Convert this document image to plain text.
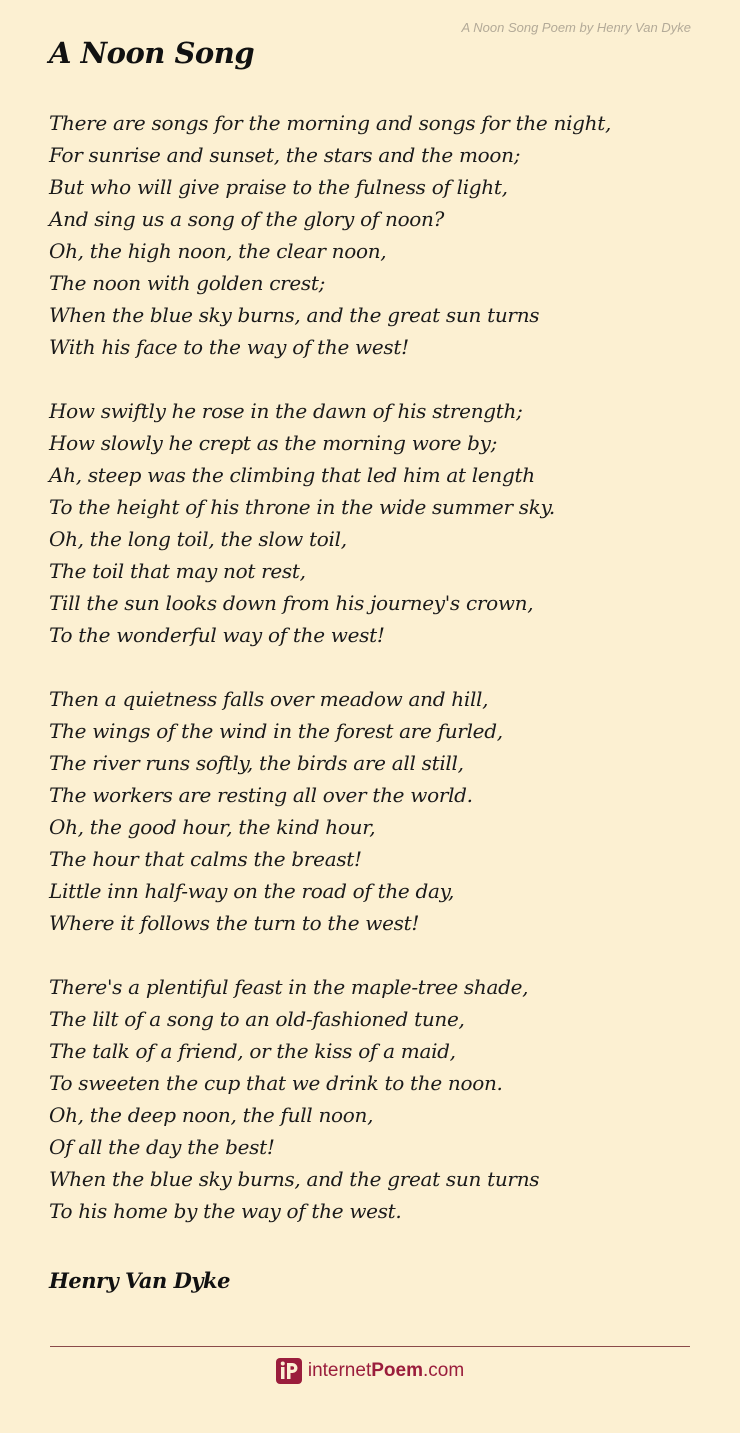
A Noon Song Poem by Henry Van Dyke
A Noon Song
There are songs for the morning and songs for the night,
For sunrise and sunset, the stars and the moon;
But who will give praise to the fulness of light,
And sing us a song of the glory of noon?
Oh, the high noon, the clear noon,
The noon with golden crest;
When the blue sky burns, and the great sun turns
With his face to the way of the west!
How swiftly he rose in the dawn of his strength;
How slowly he crept as the morning wore by;
Ah, steep was the climbing that led him at length
To the height of his throne in the wide summer sky.
Oh, the long toil, the slow toil,
The toil that may not rest,
Till the sun looks down from his journey's crown,
To the wonderful way of the west!
Then a quietness falls over meadow and hill,
The wings of the wind in the forest are furled,
The river runs softly, the birds are all still,
The workers are resting all over the world.
Oh, the good hour, the kind hour,
The hour that calms the breast!
Little inn half-way on the road of the day,
Where it follows the turn to the west!
There's a plentiful feast in the maple-tree shade,
The lilt of a song to an old-fashioned tune,
The talk of a friend, or the kiss of a maid,
To sweeten the cup that we drink to the noon.
Oh, the deep noon, the full noon,
Of all the day the best!
When the blue sky burns, and the great sun turns
To his home by the way of the west.
Henry Van Dyke
internetPoem.com
